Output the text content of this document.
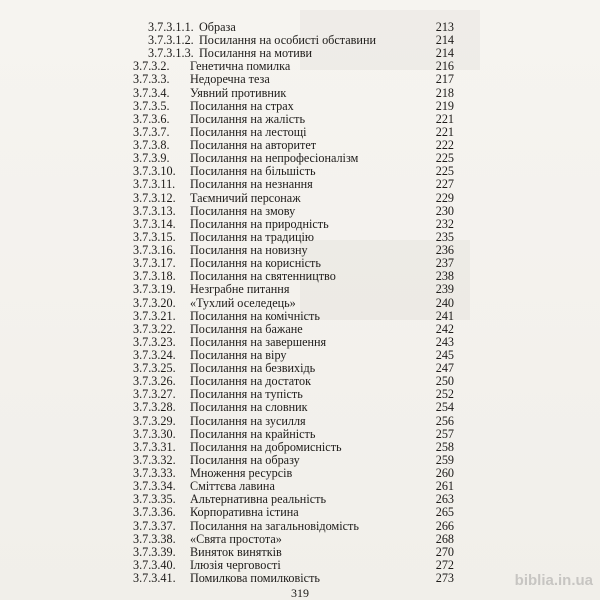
3.7.3.1.1. Образа	213
3.7.3.1.2. Посилання на особисті обставини	214
3.7.3.1.3. Посилання на мотиви	214
3.7.3.2. Генетична помилка	216
3.7.3.3. Недоречна теза	217
3.7.3.4. Уявний противник	218
3.7.3.5. Посилання на страх	219
3.7.3.6. Посилання на жалість	221
3.7.3.7. Посилання на лестощі	221
3.7.3.8. Посилання на авторитет	222
3.7.3.9. Посилання на непрофесіоналізм	225
3.7.3.10. Посилання на більшість	225
3.7.3.11. Посилання на незнання	227
3.7.3.12. Таємничий персонаж	229
3.7.3.13. Посилання на змову	230
3.7.3.14. Посилання на природність	232
3.7.3.15. Посилання на традицію	235
3.7.3.16. Посилання на новизну	236
3.7.3.17. Посилання на корисність	237
3.7.3.18. Посилання на святенництво	238
3.7.3.19. Незграбне питання	239
3.7.3.20. «Тухлий оселедець»	240
3.7.3.21. Посилання на комічність	241
3.7.3.22. Посилання на бажане	242
3.7.3.23. Посилання на завершення	243
3.7.3.24. Посилання на віру	245
3.7.3.25. Посилання на безвихідь	247
3.7.3.26. Посилання на достаток	250
3.7.3.27. Посилання на тупість	252
3.7.3.28. Посилання на словник	254
3.7.3.29. Посилання на зусилля	256
3.7.3.30. Посилання на крайність	257
3.7.3.31. Посилання на добромисність	258
3.7.3.32. Посилання на образу	259
3.7.3.33. Множення ресурсів	260
3.7.3.34. Сміттєва лавина	261
3.7.3.35. Альтернативна реальність	263
3.7.3.36. Корпоративна істина	265
3.7.3.37. Посилання на загальновідомість	266
3.7.3.38. «Свята простота»	268
3.7.3.39. Виняток винятків	270
3.7.3.40. Ілюзія черговості	272
3.7.3.41. Помилкова помилковість	273	biblia.in.ua
319
